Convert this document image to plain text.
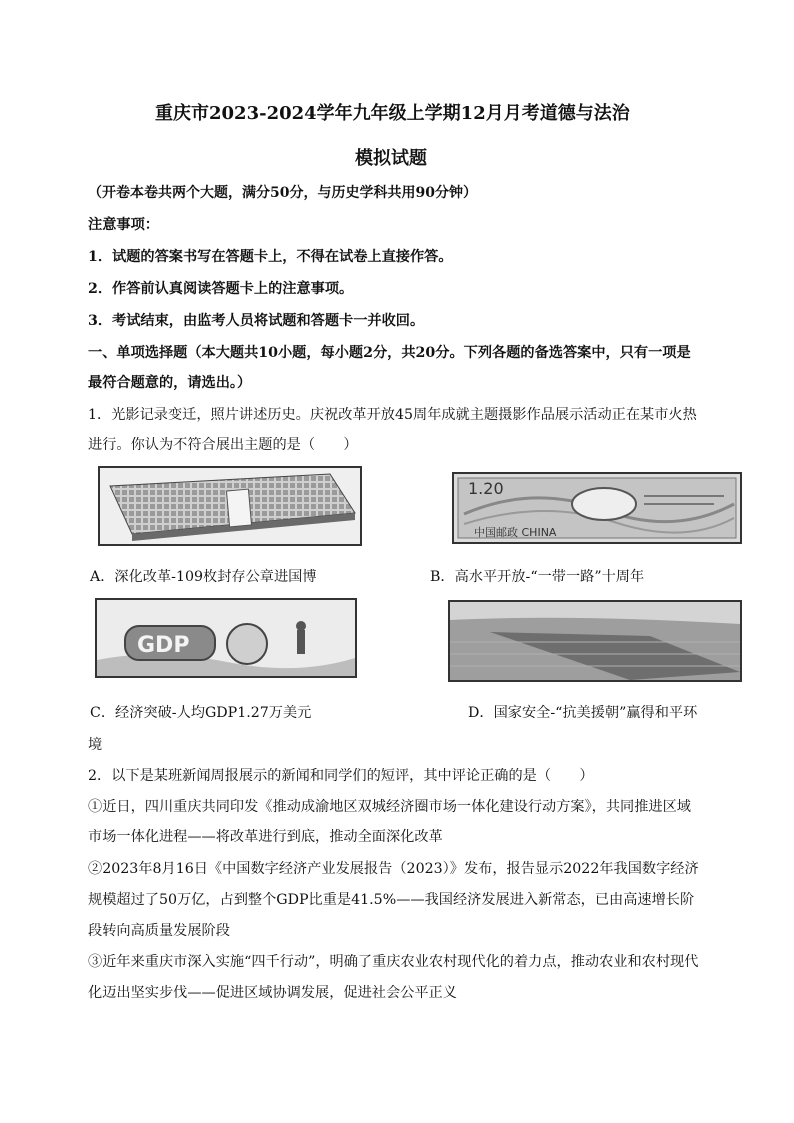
重庆市2023-2024学年九年级上学期12月月考道德与法治
模拟试题
（开卷本卷共两个大题，满分50分，与历史学科共用90分钟）
注意事项：
1．试题的答案书写在答题卡上，不得在试卷上直接作答。
2．作答前认真阅读答题卡上的注意事项。
3．考试结束，由监考人员将试题和答题卡一并收回。
一、单项选择题（本大题共10小题，每小题2分，共20分。下列各题的备选答案中，只有一项是
最符合题意的，请选出。）
1．光影记录变迁，照片讲述历史。庆祝改革开放45周年成就主题摄影作品展示活动正在某市火热
进行。你认为不符合展出主题的是（　　）
1.20
中国邮政 CHINA
A．深化改革-109枚封存公章进国博	B．高水平开放-“一带一路”十周年
GDP
C．经济突破-人均GDP1.27万美元	D．国家安全-“抗美援朝”赢得和平环
境
2．以下是某班新闻周报展示的新闻和同学们的短评，其中评论正确的是（　　）
①近日，四川重庆共同印发《推动成渝地区双城经济圈市场一体化建设行动方案》，共同推进区域
市场一体化进程——将改革进行到底，推动全面深化改革
②2023年8月16日《中国数字经济产业发展报告（2023）》发布，报告显示2022年我国数字经济
规模超过了50万亿，占到整个GDP比重是41.5%——我国经济发展进入新常态，已由高速增长阶
段转向高质量发展阶段
③近年来重庆市深入实施“四千行动”，明确了重庆农业农村现代化的着力点，推动农业和农村现代
化迈出坚实步伐——促进区域协调发展，促进社会公平正义
